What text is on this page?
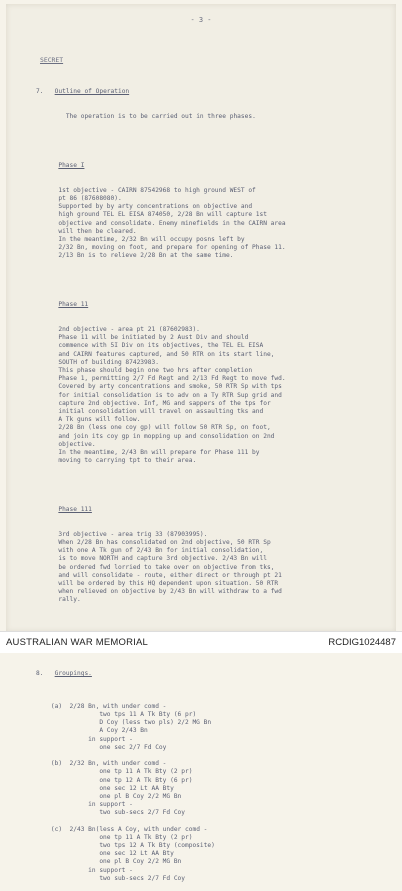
- 3 -
SECRET

7. Outline of Operation

The operation is to be carried out in three phases.

Phase I

1st objective - CAIRN 87542968 to high ground WEST of
pt 86 (87608080).
Supported by by arty concentrations on objective and
high ground TEL EL EISA 874050, 2/28 Bn will capture 1st
objective and consolidate. Enemy minefields in the CAIRN area
will then be cleared.
In the meantime, 2/32 Bn will occupy posns left by
2/32 Bn, moving on foot, and prepare for opening of Phase 11.
2/13 Bn is to relieve 2/28 Bn at the same time.

Phase 11

2nd objective - area pt 21 (87602983).
Phase 11 will be initiated by 2 Aust Div and should
commence with 5I Div on its objectives, the TEL EL EISA
and CAIRN features captured, and 50 RTR on its start line,
SOUTH of building 87423983.
This phase should begin one two hrs after completion
Phase 1, permitting 2/7 Fd Regt and 2/13 Fd Regt to move fwd.
Covered by arty concentrations and smoke, 50 RTR Sp with tps
for initial consolidation is to adv on a Ty RTR Sup grid and
capture 2nd objective. Inf, MG and sappers of the tps for
initial consolidation will travel on assaulting tks and
A Tk guns will follow.
2/28 Bn (less one coy gp) will follow 50 RTR Sp, on foot,
and join its coy gp in mopping up and consolidation on 2nd
objective.
In the meantime, 2/43 Bn will prepare for Phase 111 by
moving to carrying tpt to their area.

Phase 111

3rd objective - area trig 33 (87903995).
When 2/28 Bn has consolidated on 2nd objective, 50 RTR Sp
with one A Tk gun of 2/43 Bn for initial consolidation,
is to move NORTH and capture 3rd objective. 2/43 Bn will
be ordered fwd lorried to take over on objective from tks,
and will consolidate - route, either direct or through pt 21
will be ordered by this HQ dependent upon situation. 50 RTR
when relieved on objective by 2/43 Bn will withdraw to a fwd
rally.

8. Groupings.

(a)  2/28 Bn, with under comd -
two tps 11 A Tk Bty (6 pr)
D Coy (less two pls) 2/2 MG Bn
A Coy 2/43 Bn
in support -
one sec 2/7 Fd Coy
(b)  2/32 Bn, with under comd -
one tp 11 A Tk Bty (2 pr)
one tp 12 A Tk Bty (6 pr)
one sec 12 Lt AA Bty
one pl B Coy 2/2 MG Bn
in support -
two sub-secs 2/7 Fd Coy
(c)  2/43 Bn(less A Coy, with under comd -
one tp 11 A Tk Bty (2 pr)
two tps 12 A Tk Bty (composite)
one sec 12 Lt AA Bty
one pl B Coy 2/2 MG Bn
in support -
two sub-secs 2/7 Fd Coy

AUSTRALIAN WAR MEMORIAL	RCDIG1024487
